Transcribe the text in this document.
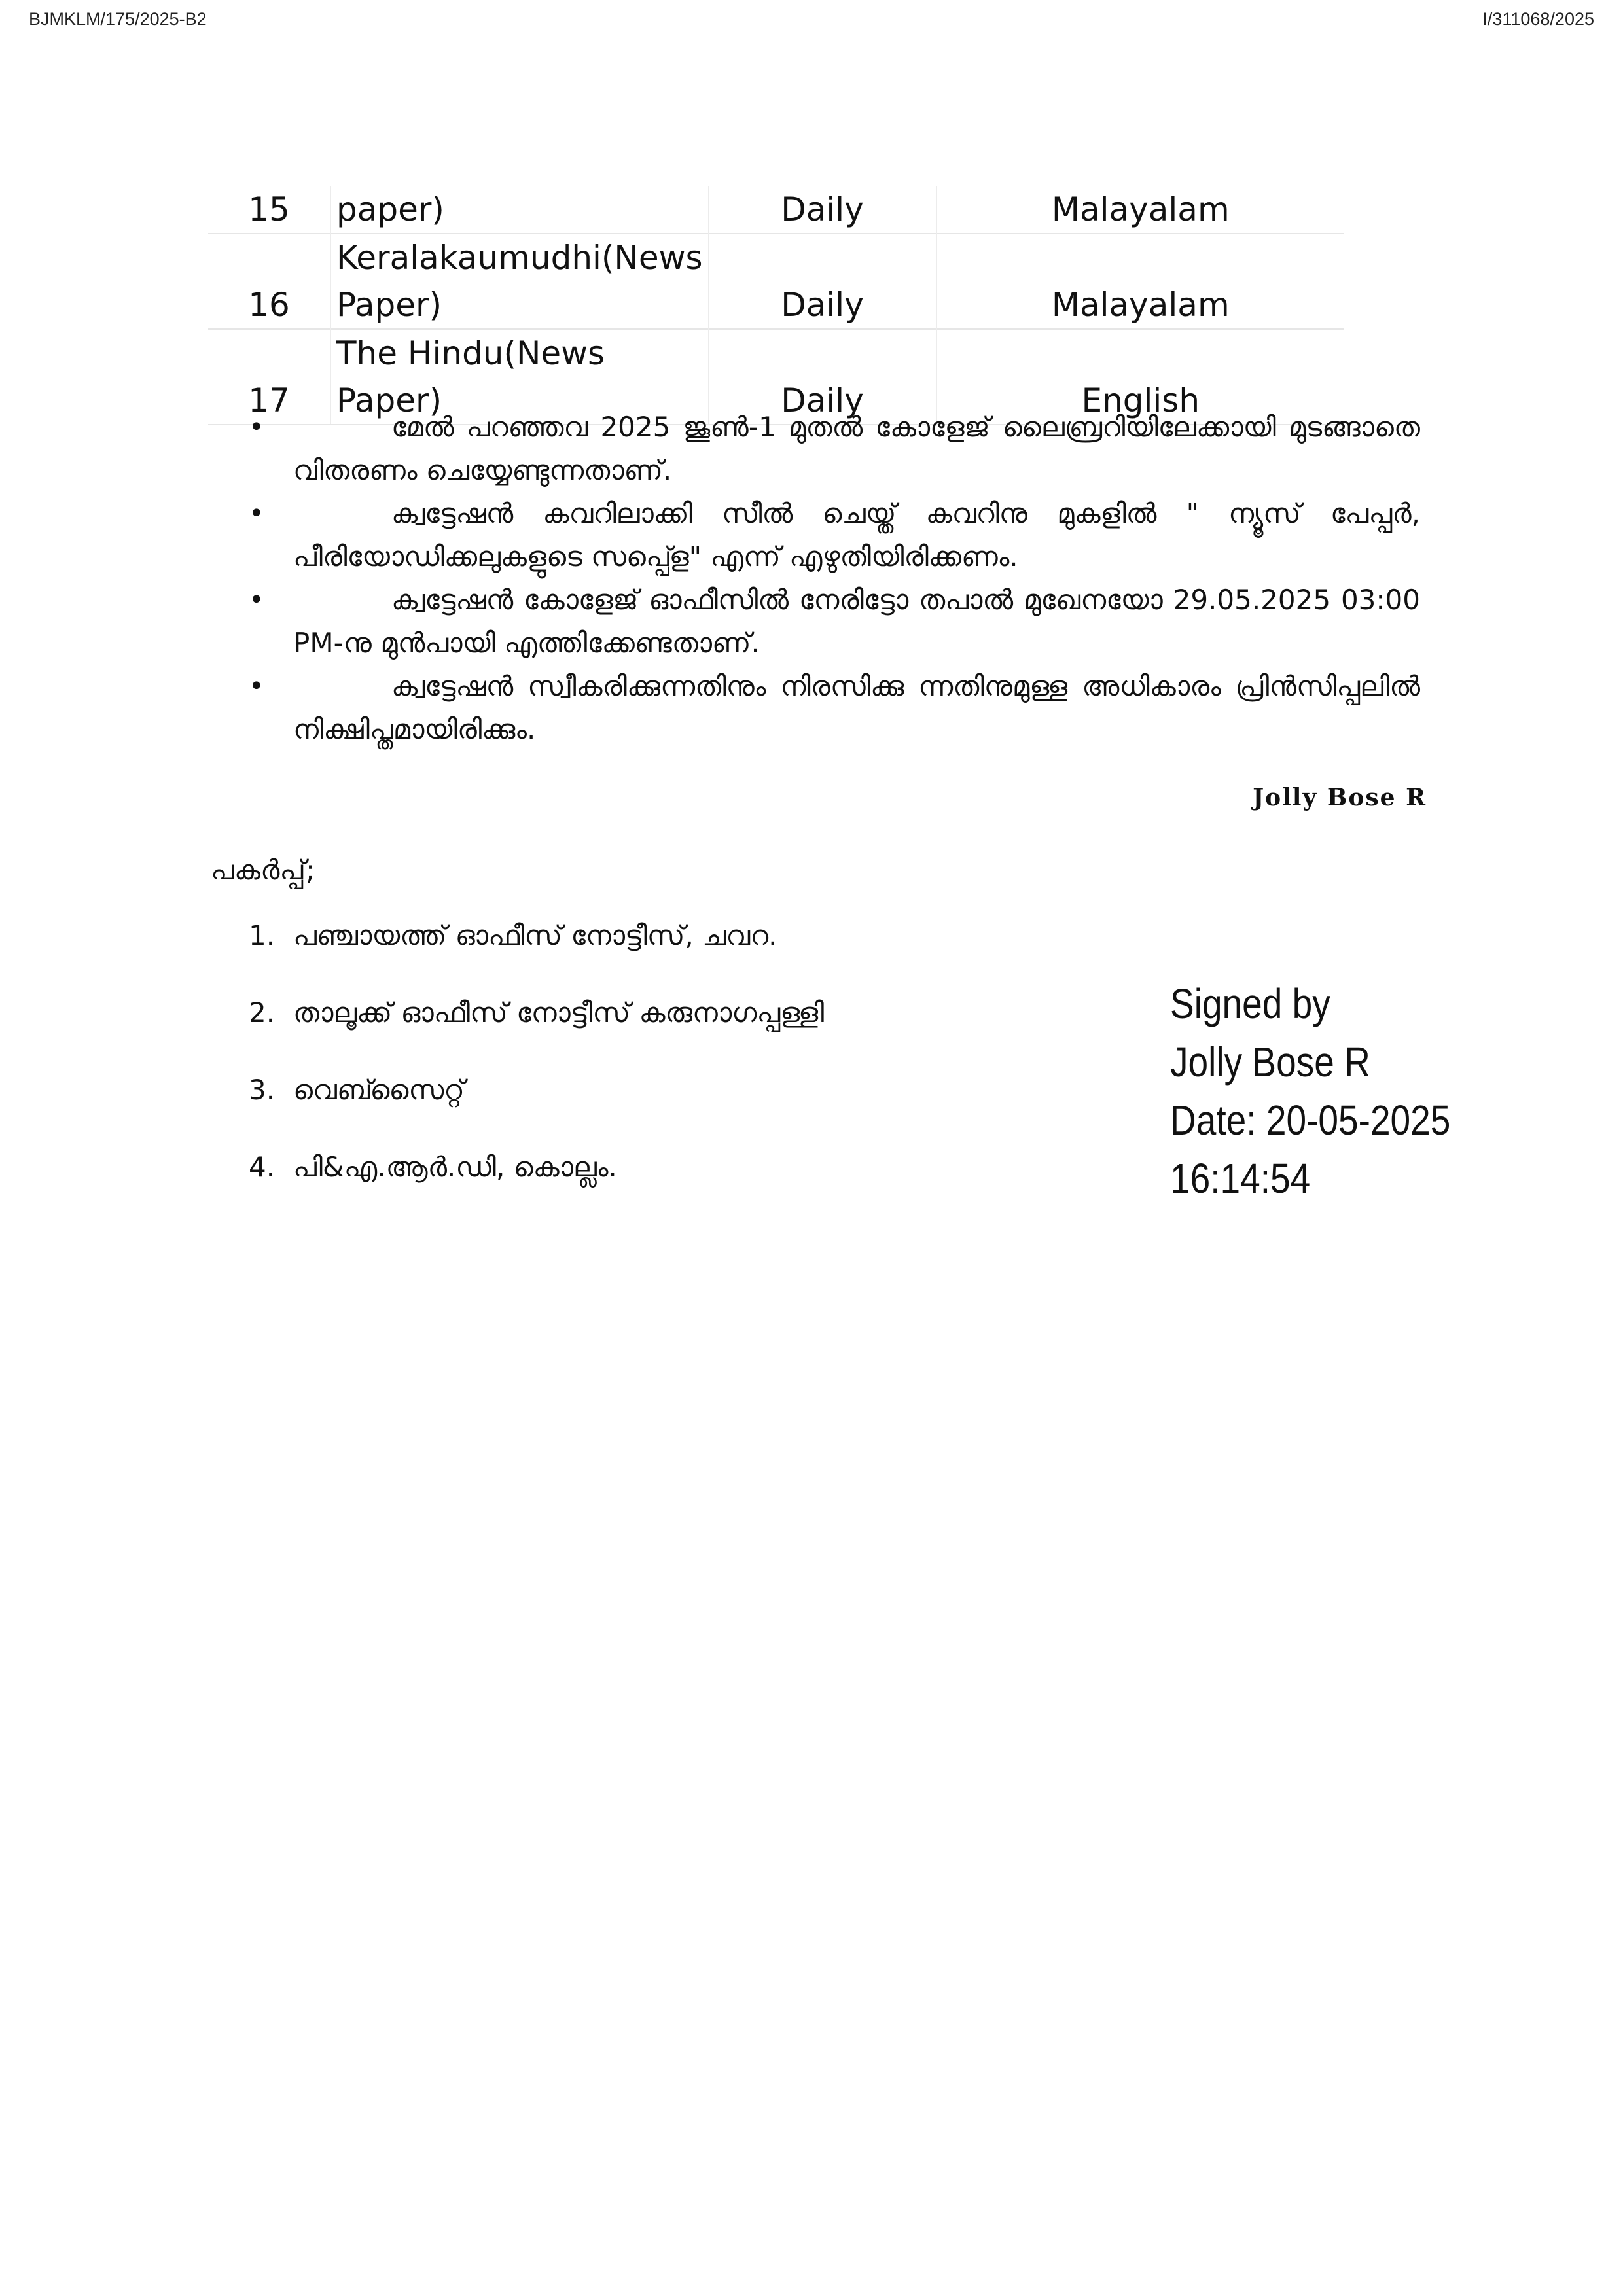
BJMKLM/175/2025-B2	I/311068/2025
15	paper)	Daily	Malayalam
16	Keralakaumudhi(News Paper)	Daily	Malayalam
17	The Hindu(News Paper)	Daily	English
•	മേൽ പറഞ്ഞവ 2025 ജൂൺ-1 മുതൽ കോളേജ് ലൈബ്രറിയിലേക്കായി മുടങ്ങാതെ വിതരണം ചെയ്യേണ്ടുന്നതാണ്.
•	ക്വട്ടേഷൻ കവറിലാക്കി സീൽ ചെയ്ത് കവറിനു മുകളിൽ " ന്യൂസ് പേപ്പർ, പീരിയോഡിക്കലുകളുടെ സപ്പ്ളെ" എന്ന് എഴുതിയിരിക്കണം.
•	ക്വട്ടേഷൻ കോളേജ് ഓഫീസിൽ നേരിട്ടോ തപാൽ മുഖേനയോ 29.05.2025 03:00 PM-നു മുൻപായി എത്തിക്കേണ്ടതാണ്.
•	ക്വട്ടേഷൻ സ്വീകരിക്കുന്നതിനും നിരസിക്കു ന്നതിനുമുള്ള അധികാരം പ്രിൻസിപ്പലിൽ നിക്ഷിപ്തമായിരിക്കും.
Jolly Bose R
പകർപ്പ്;
1. പഞ്ചായത്ത് ഓഫീസ് നോട്ടീസ്, ചവറ.
2. താലൂക്ക് ഓഫീസ് നോട്ടീസ് കരുനാഗപ്പള്ളി
3. വെബ്സൈറ്റ്
4. പി&എ.ആർ.ഡി, കൊല്ലം.
Signed by
Jolly Bose R
Date: 20-05-2025 16:14:54
